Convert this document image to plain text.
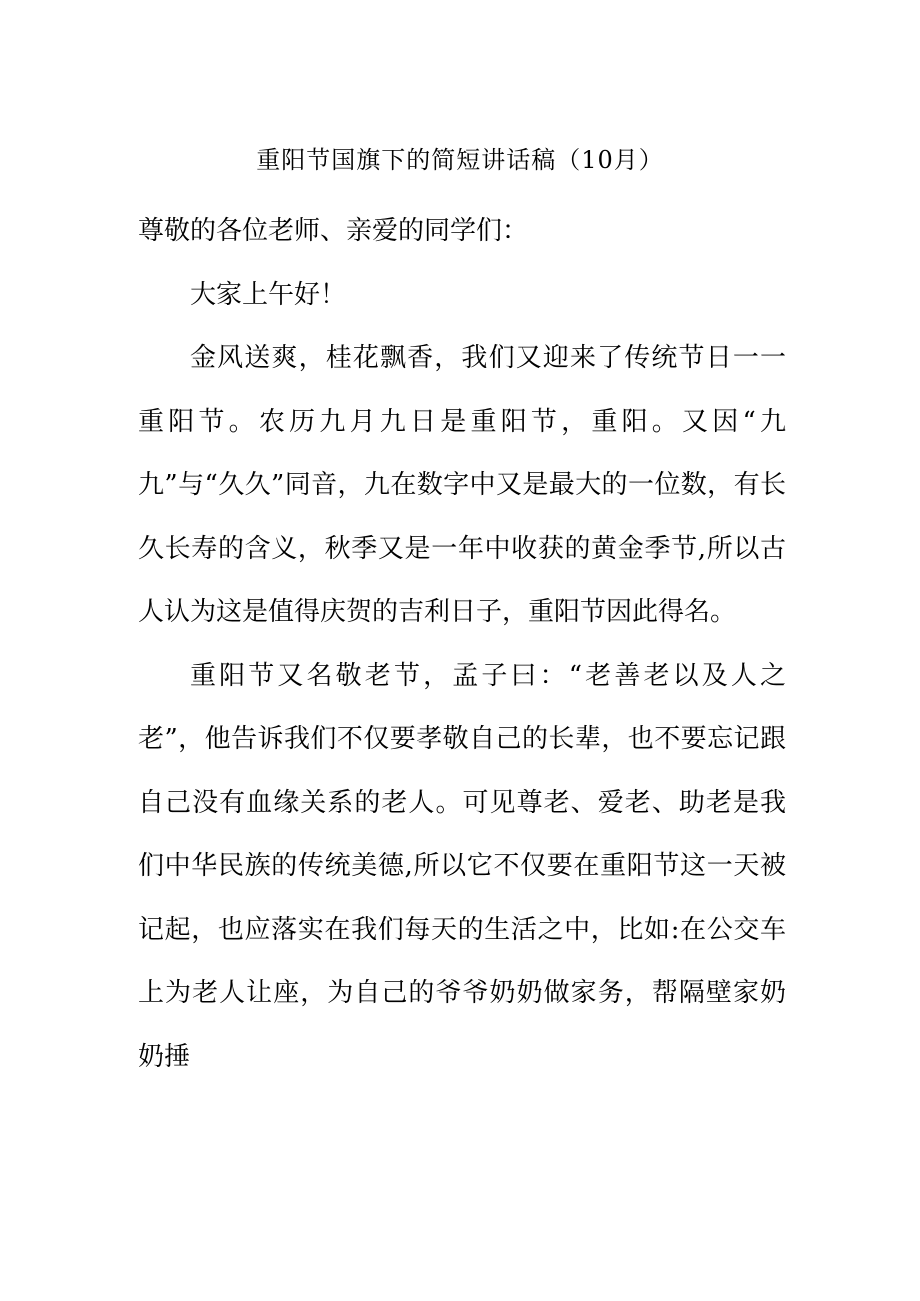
重阳节国旗下的简短讲话稿（10月）

尊敬的各位老师、亲爱的同学们：

大家上午好！

金风送爽，桂花飘香，我们又迎来了传统节日一一重阳节。农历九月九日是重阳节，重阳。又因“九九”与“久久”同音，九在数字中又是最大的一位数，有长久长寿的含义，秋季又是一年中收获的黄金季节,所以古人认为这是值得庆贺的吉利日子，重阳节因此得名。

重阳节又名敬老节，孟子曰：“老善老以及人之老”，他告诉我们不仅要孝敬自己的长辈，也不要忘记跟自己没有血缘关系的老人。可见尊老、爱老、助老是我们中华民族的传统美德,所以它不仅要在重阳节这一天被记起，也应落实在我们每天的生活之中，比如:在公交车上为老人让座，为自己的爷爷奶奶做家务，帮隔壁家奶奶捶
